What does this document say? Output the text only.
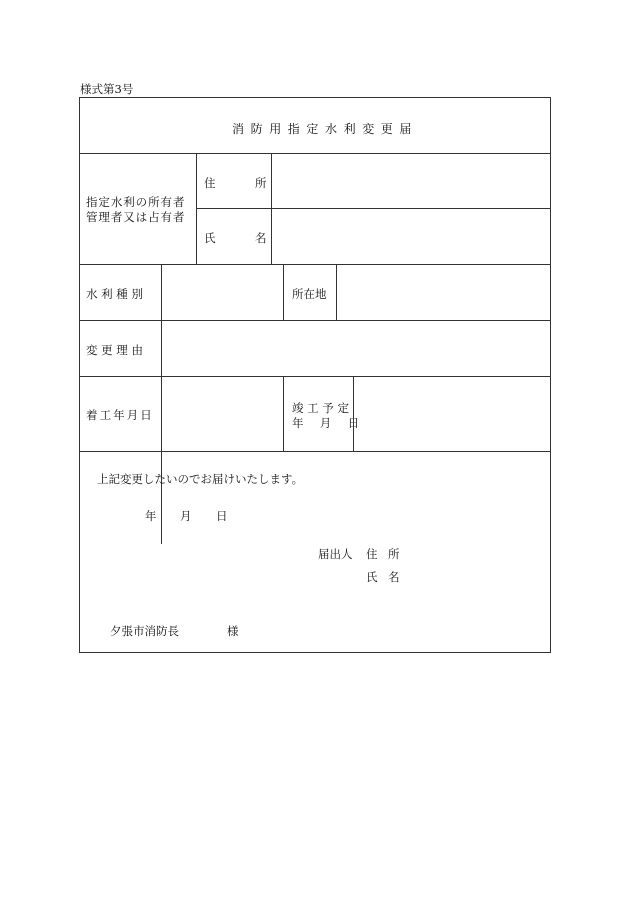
様式第3号
消防用指定水利変更届
指定水利の所有者
管理者又は占有者
住	所
氏	名
水 利 種 別	所在地
変 更 理 由
着工年月日	竣 工 予 定
年 月 日
上記変更したいのでお届けいたします。
年 月 日
届出人 住 所
氏 名
夕張市消防長	様
